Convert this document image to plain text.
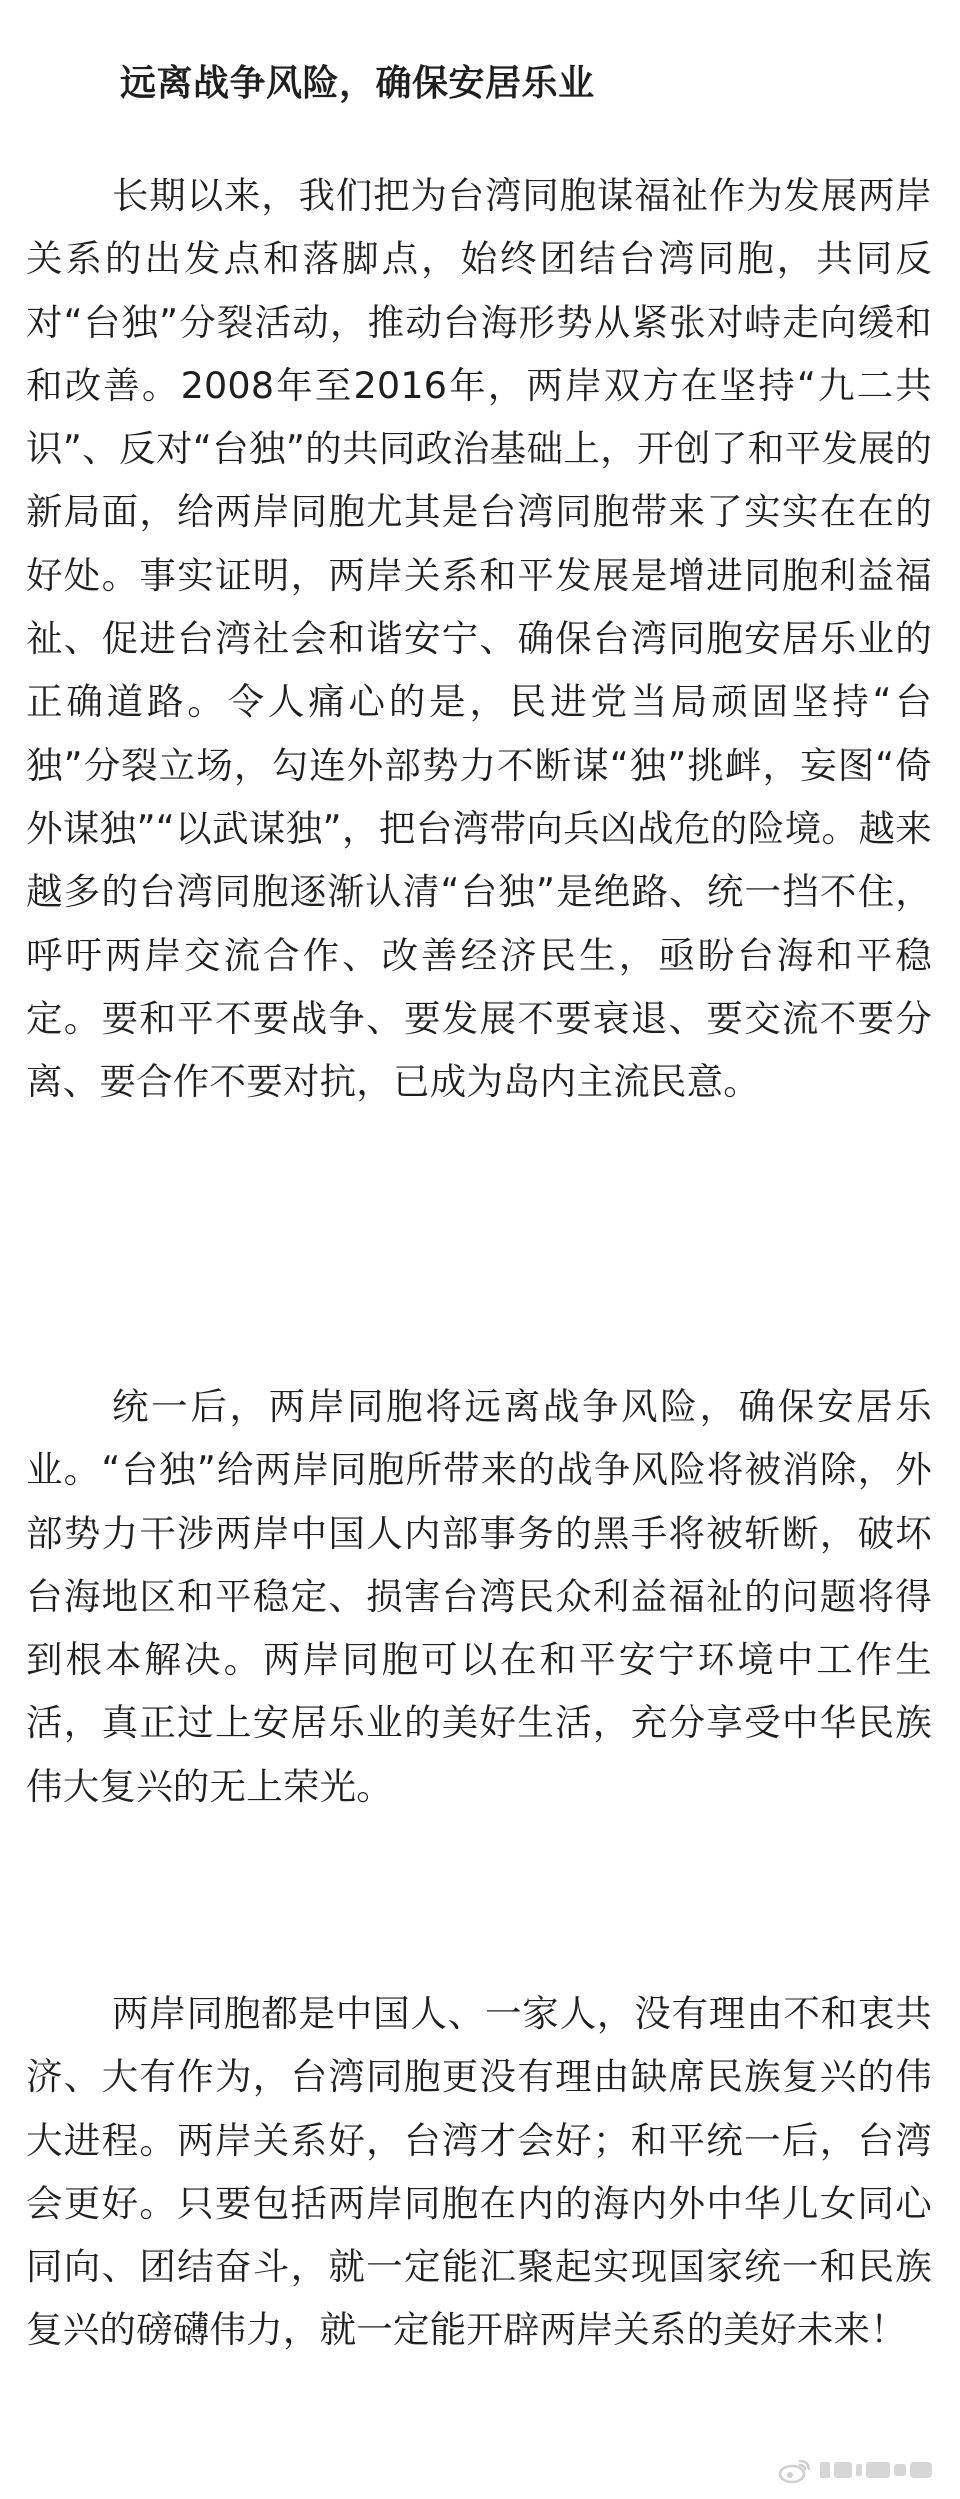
远离战争风险，确保安居乐业

长期以来，我们把为台湾同胞谋福祉作为发展两岸关系的出发点和落脚点，始终团结台湾同胞，共同反对“台独”分裂活动，推动台海形势从紧张对峙走向缓和和改善。2008年至2016年，两岸双方在坚持“九二共识”、反对“台独”的共同政治基础上，开创了和平发展的新局面，给两岸同胞尤其是台湾同胞带来了实实在在的好处。事实证明，两岸关系和平发展是增进同胞利益福祉、促进台湾社会和谐安宁、确保台湾同胞安居乐业的正确道路。令人痛心的是，民进党当局顽固坚持“台独”分裂立场，勾连外部势力不断谋“独”挑衅，妄图“倚外谋独”“以武谋独”，把台湾带向兵凶战危的险境。越来越多的台湾同胞逐渐认清“台独”是绝路、统一挡不住，呼吁两岸交流合作、改善经济民生，亟盼台海和平稳定。要和平不要战争、要发展不要衰退、要交流不要分离、要合作不要对抗，已成为岛内主流民意。

统一后，两岸同胞将远离战争风险，确保安居乐业。“台独”给两岸同胞所带来的战争风险将被消除，外部势力干涉两岸中国人内部事务的黑手将被斩断，破坏台海地区和平稳定、损害台湾民众利益福祉的问题将得到根本解决。两岸同胞可以在和平安宁环境中工作生活，真正过上安居乐业的美好生活，充分享受中华民族伟大复兴的无上荣光。

两岸同胞都是中国人、一家人，没有理由不和衷共济、大有作为，台湾同胞更没有理由缺席民族复兴的伟大进程。两岸关系好，台湾才会好；和平统一后，台湾会更好。只要包括两岸同胞在内的海内外中华儿女同心同向、团结奋斗，就一定能汇聚起实现国家统一和民族复兴的磅礴伟力，就一定能开辟两岸关系的美好未来！
